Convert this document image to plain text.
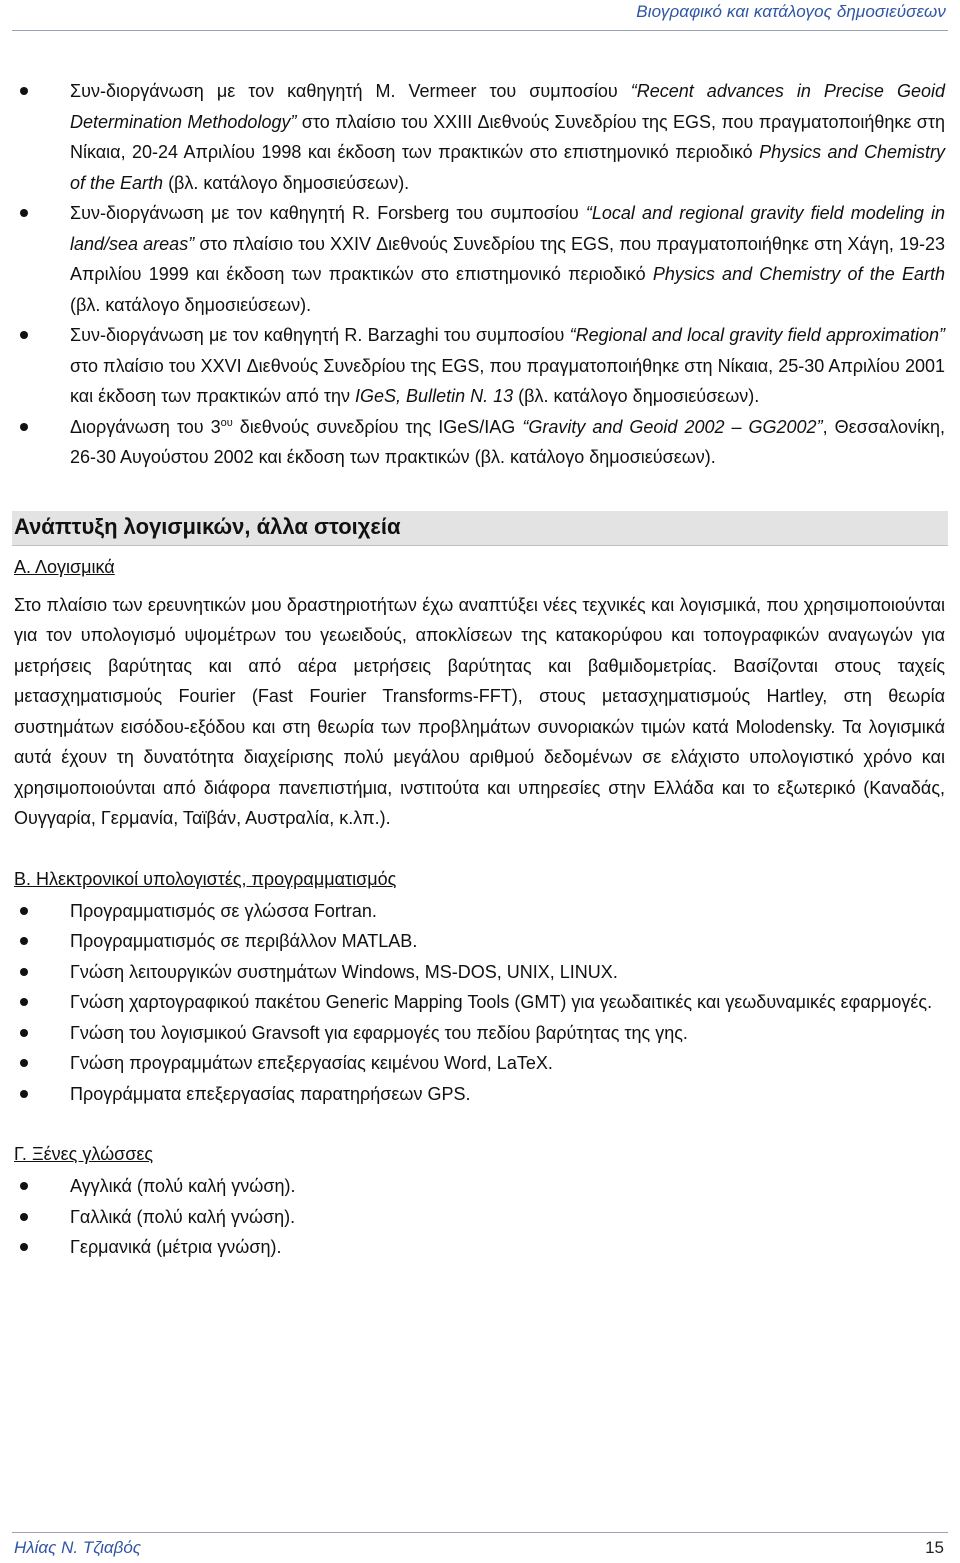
Βιογραφικό και κατάλογος δημοσιεύσεων
Συν-διοργάνωση με τον καθηγητή Μ. Vermeer του συμποσίου “Recent advances in Precise Geoid Determination Methodology” στο πλαίσιο του XXIII Διεθνούς Συνεδρίου της EGS, που πραγματοποιήθηκε στη Νίκαια, 20-24 Απριλίου 1998 και έκδοση των πρακτικών στο επιστημονικό περιοδικό Physics and Chemistry of the Earth (βλ. κατάλογο δημοσιεύσεων).
Συν-διοργάνωση με τον καθηγητή R. Forsberg του συμποσίου “Local and regional gravity field modeling in land/sea areas” στο πλαίσιο του XXIV Διεθνούς Συνεδρίου της EGS, που πραγματοποιήθηκε στη Χάγη, 19-23 Απριλίου 1999 και έκδοση των πρακτικών στο επιστημονικό περιοδικό Physics and Chemistry of the Earth (βλ. κατάλογο δημοσιεύσεων).
Συν-διοργάνωση με τον καθηγητή R. Barzaghi του συμποσίου “Regional and local gravity field approximation” στο πλαίσιο του XXVI Διεθνούς Συνεδρίου της EGS, που πραγματοποιήθηκε στη Νίκαια, 25-30 Απριλίου 2001 και έκδοση των πρακτικών από την IGeS, Bulletin N. 13 (βλ. κατάλογο δημοσιεύσεων).
Διοργάνωση του $3^{o\upsilon}$ διεθνούς συνεδρίου της IGeS/IAG “Gravity and Geoid 2002 – GG2002”, Θεσσαλονίκη, 26-30 Αυγούστου 2002 και έκδοση των πρακτικών (βλ. κατάλογο δημοσιεύσεων).
Ανάπτυξη λογισμικών, άλλα στοιχεία
Α. Λογισμικά
Στο πλαίσιο των ερευνητικών μου δραστηριοτήτων έχω αναπτύξει νέες τεχνικές και λογισμικά, που χρησιμοποιούνται για τον υπολογισμό υψομέτρων του γεωειδούς, αποκλίσεων της κατακορύφου και τοπογραφικών αναγωγών για μετρήσεις βαρύτητας και από αέρα μετρήσεις βαρύτητας και βαθμιδομετρίας. Βασίζονται στους ταχείς μετασχηματισμούς Fourier (Fast Fourier Transforms-FFT), στους μετασχηματισμούς Hartley, στη θεωρία συστημάτων εισόδου-εξόδου και στη θεωρία των προβλημάτων συνοριακών τιμών κατά Molodensky. Τα λογισμικά αυτά έχουν τη δυνατότητα διαχείρισης πολύ μεγάλου αριθμού δεδομένων σε ελάχιστο υπολογιστικό χρόνο και χρησιμοποιούνται από διάφορα πανεπιστήμια, ινστιτούτα και υπηρεσίες στην Ελλάδα και το εξωτερικό (Καναδάς, Ουγγαρία, Γερμανία, Ταϊβάν, Αυστραλία, κ.λπ.).
Β. Ηλεκτρονικοί υπολογιστές, προγραμματισμός
Προγραμματισμός σε γλώσσα Fortran.
Προγραμματισμός σε περιβάλλον MATLAB.
Γνώση λειτουργικών συστημάτων Windows, MS-DOS, UNIX, LINUX.
Γνώση χαρτογραφικού πακέτου Generic Mapping Tools (GMT) για γεωδαιτικές και γεωδυναμικές εφαρμογές.
Γνώση του λογισμικού Gravsoft για εφαρμογές του πεδίου βαρύτητας της γης.
Γνώση προγραμμάτων επεξεργασίας κειμένου Word, LaTeX.
Προγράμματα επεξεργασίας παρατηρήσεων GPS.
Γ. Ξένες γλώσσες
Αγγλικά (πολύ καλή γνώση).
Γαλλικά (πολύ καλή γνώση).
Γερμανικά (μέτρια γνώση).
Ηλίας Ν. Τζιαβός	15
